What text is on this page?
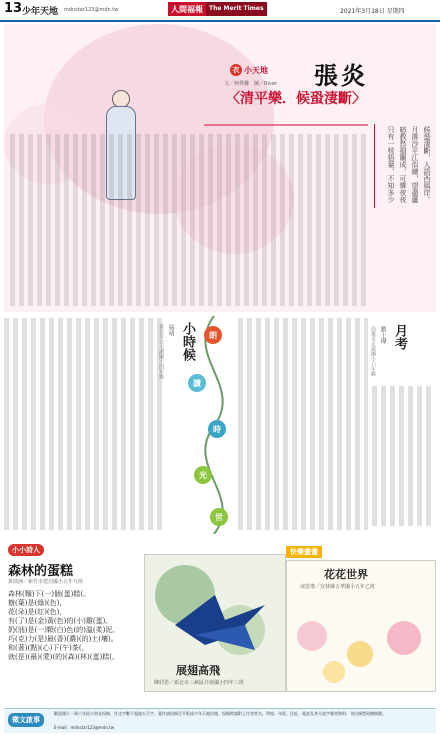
13 少年天地 mdnstar123@mdn.tw	人間福報	The Merit Times	2021年3月18日 星期四
衣 小天地
文／柯秀馨　圖／River 張炎
〈清平樂．候蛩淒斷〉
候蛩淒斷，人語西風岸。
月落沙平江似練，望盡蘆
暗教愁損蘭成，可憐夜夜
只有一枝梧葉，不知多少
月考
劉士瑋
高雄市正義國小六年級
小時候
翁靖
臺北市立大湖國小四年級	朗
讀
時
光
世
小小詩人
森林的蛋糕
黃歆涵／新竹市建功國小五年九班
森林(麵)下(一)個(蛋)糕(。
樹(葉)是(綠)(色)，
花(朵)是(紅)(色)，
有(了)是(金)黃(色)的(小)雞(蛋)。
奶(油)是(一)顆(白)色(的)溫(柔)泥。
巧(克)力(是)最(香)(濃)(的)土(壤)。
和(著)(點)(心)下(午)茶(，
就(是)(最)(愛)(的)(森)(林)(蛋)糕(。
快樂畫畫
展翅高飛
陳妤恩／新北市三峽區介壽國小四年三班
花花世界
凌思瑤／宜林縣五華國小五年乙班
徵文啟事
歡迎國小一到六年級小朋友投稿，作文字數不超過五百字，畫作請投稿至平板或少年天地信箱，投稿時請附上作者姓名、學校、年級、住址、電話及身分證字號等資料，刊出後將致贈稿費。
E-mail：mdnstar123@mdn.tw
